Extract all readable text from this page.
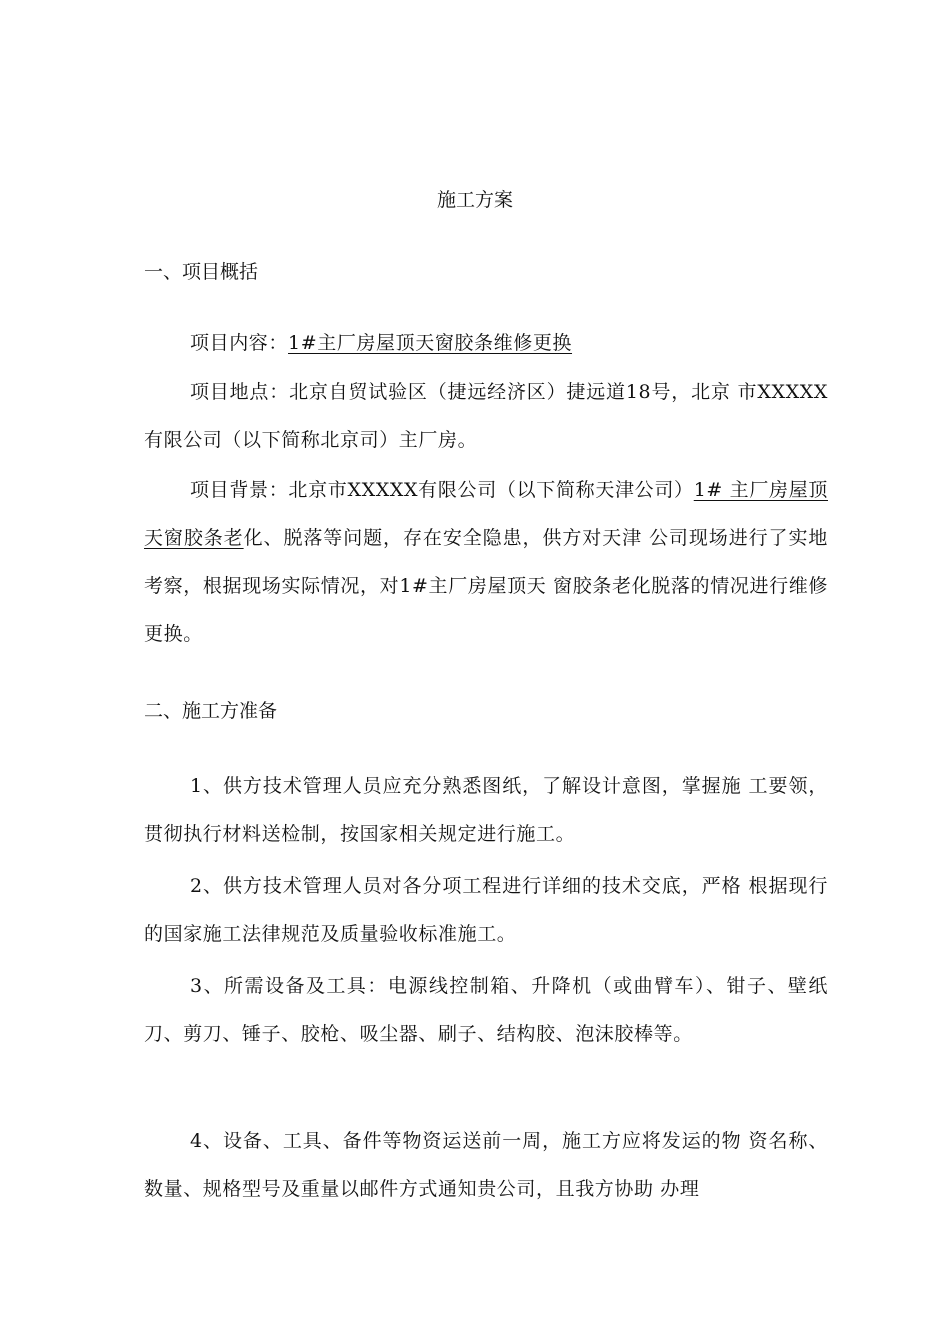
施工方案
一、项目概括
项目内容：1#主厂房屋顶天窗胶条维修更换
项目地点：北京自贸试验区（捷远经济区）捷远道18号，北京 市XXXXX有限公司（以下简称北京司）主厂房。
项目背景：北京市XXXXX有限公司（以下简称天津公司）1# 主厂房屋顶天窗胶条老化、脱落等问题，存在安全隐患，供方对天津 公司现场进行了实地考察，根据现场实际情况，对1#主厂房屋顶天 窗胶条老化脱落的情况进行维修更换。
二、施工方准备
1、供方技术管理人员应充分熟悉图纸，了解设计意图，掌握施 工要领，贯彻执行材料送检制，按国家相关规定进行施工。
2、供方技术管理人员对各分项工程进行详细的技术交底，严格 根据现行的国家施工法律规范及质量验收标准施工。
3、所需设备及工具：电源线控制箱、升降机（或曲臂车）、钳子、壁纸刀、剪刀、锤子、胶枪、吸尘器、刷子、结构胶、泡沫胶棒等。
4、设备、工具、备件等物资运送前一周，施工方应将发运的物 资名称、数量、规格型号及重量以邮件方式通知贵公司，且我方协助 办理
